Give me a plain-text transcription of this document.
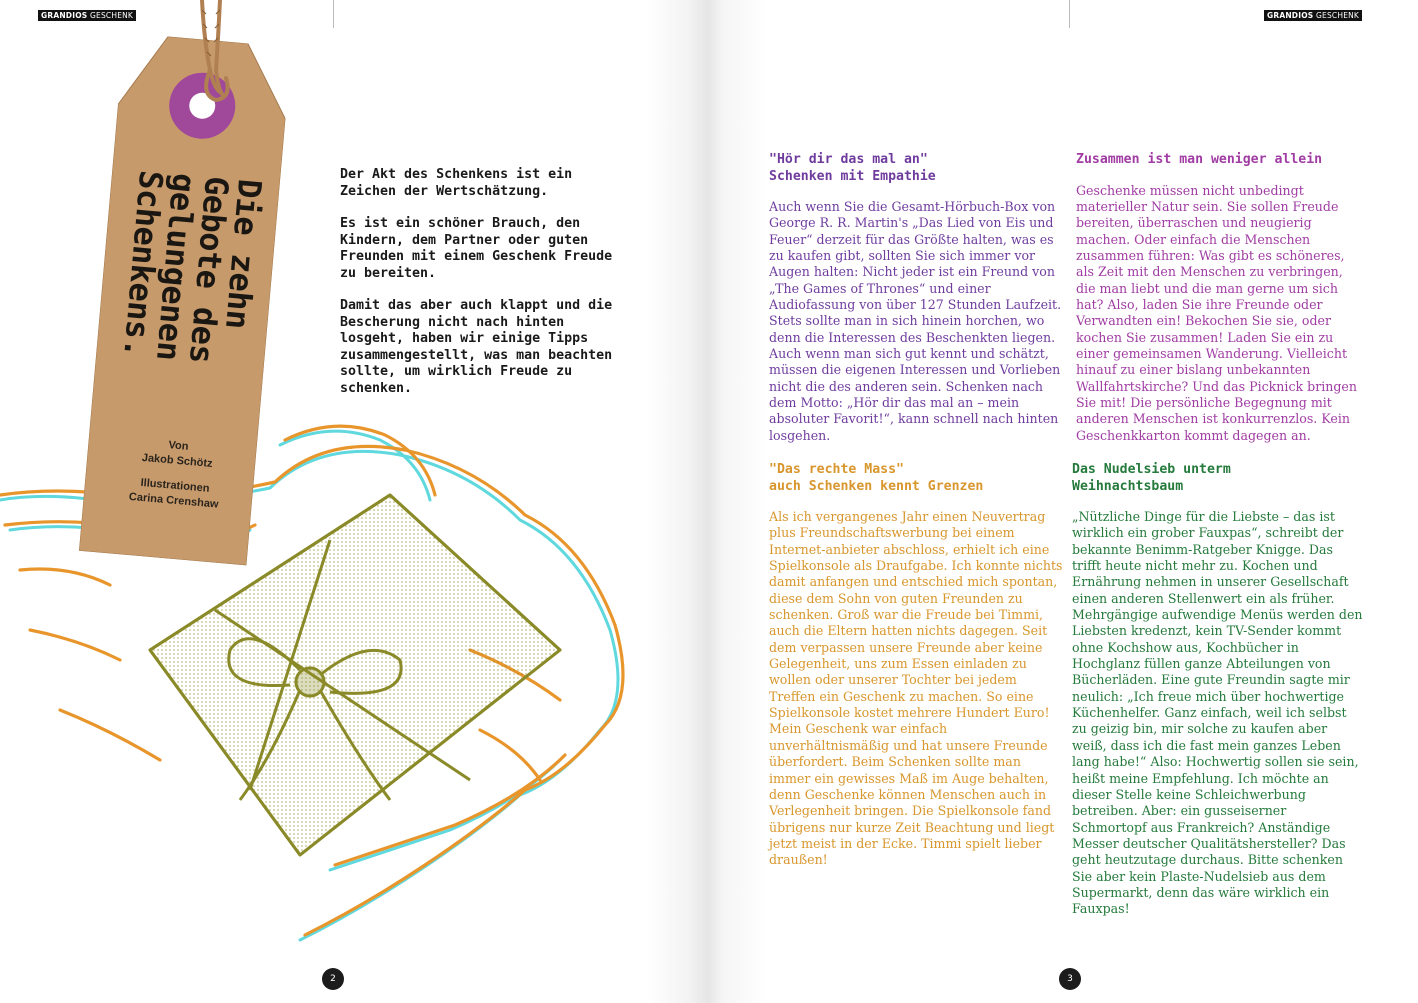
GRANDIOS GESCHENK
Die zehn
Gebote des
gelungenen
Schenkens.
Von
Jakob Schötz
Illustrationen
Carina Crenshaw

Der Akt des Schenkens ist ein Zeichen der Wertschätzung.

Es ist ein schöner Brauch, den Kindern, dem Partner oder guten Freunden mit einem Geschenk Freude zu bereiten.

Damit das aber auch klappt und die Bescherung nicht nach hinten losgeht, haben wir einige Tipps zusammengestellt, was man beachten sollte, um wirklich Freude zu schenken.

2
GRANDIOS GESCHENK
"Hör dir das mal an"
Schenken mit Empathie

Auch wenn Sie die Gesamt-Hörbuch-Box von George R. R. Martin's „Das Lied von Eis und Feuer“ derzeit für das Größte halten, was es zu kaufen gibt, sollten Sie sich immer vor Augen halten: Nicht jeder ist ein Freund von „The Games of Thrones“ und einer Audiofassung von über 127 Stunden Laufzeit. Stets sollte man in sich hinein horchen, wo denn die Interessen des Beschenkten liegen. Auch wenn man sich gut kennt und schätzt, müssen die eigenen Interessen und Vorlieben nicht die des anderen sein. Schenken nach dem Motto: „Hör dir das mal an – mein absoluter Favorit!“, kann schnell nach hinten losgehen.

Zusammen ist man weniger allein

Geschenke müssen nicht unbedingt materieller Natur sein. Sie sollen Freude bereiten, überraschen und neugierig machen. Oder einfach die Menschen zusammen führen: Was gibt es schöneres, als Zeit mit den Menschen zu verbringen, die man liebt und die man gerne um sich hat? Also, laden Sie ihre Freunde oder Verwandten ein! Bekochen Sie sie, oder kochen Sie zusammen! Laden Sie ein zu einer gemeinsamen Wanderung. Vielleicht hinauf zu einer bislang unbekannten Wallfahrtskirche? Und das Picknick bringen Sie mit! Die persönliche Begegnung mit anderen Menschen ist konkurrenzlos. Kein Geschenkkarton kommt dagegen an.

"Das rechte Mass"
auch Schenken kennt Grenzen

Als ich vergangenes Jahr einen Neuvertrag plus Freundschaftswerbung bei einem Internet-anbieter abschloss, erhielt ich eine Spielkonsole als Draufgabe. Ich konnte nichts damit anfangen und entschied mich spontan, diese dem Sohn von guten Freunden zu schenken. Groß war die Freude bei Timmi, auch die Eltern hatten nichts dagegen. Seit dem verpassen unsere Freunde aber keine Gelegenheit, uns zum Essen einladen zu wollen oder unserer Tochter bei jedem Treffen ein Geschenk zu machen. So eine Spielkonsole kostet mehrere Hundert Euro! Mein Geschenk war einfach unverhältnismäßig und hat unsere Freunde überfordert. Beim Schenken sollte man immer ein gewisses Maß im Auge behalten, denn Geschenke können Menschen auch in Verlegenheit bringen. Die Spielkonsole fand übrigens nur kurze Zeit Beachtung und liegt jetzt meist in der Ecke. Timmi spielt lieber draußen!

Das Nudelsieb unterm
Weihnachtsbaum

„Nützliche Dinge für die Liebste – das ist wirklich ein grober Fauxpas“, schreibt der bekannte Benimm-Ratgeber Knigge. Das trifft heute nicht mehr zu. Kochen und Ernährung nehmen in unserer Gesellschaft einen anderen Stellenwert ein als früher. Mehrgängige aufwendige Menüs werden den Liebsten kredenzt, kein TV-Sender kommt ohne Kochshow aus, Kochbücher in Hochglanz füllen ganze Abteilungen von Bücherläden. Eine gute Freundin sagte mir neulich: „Ich freue mich über hochwertige Küchenhelfer. Ganz einfach, weil ich selbst zu geizig bin, mir solche zu kaufen aber weiß, dass ich die fast mein ganzes Leben lang habe!“ Also: Hochwertig sollen sie sein, heißt meine Empfehlung. Ich möchte an dieser Stelle keine Schleichwerbung betreiben. Aber: ein gusseiserner Schmortopf aus Frankreich? Anständige Messer deutscher Qualitätshersteller? Das geht heutzutage durchaus. Bitte schenken Sie aber kein Plaste-Nudelsieb aus dem Supermarkt, denn das wäre wirklich ein Fauxpas!

3
